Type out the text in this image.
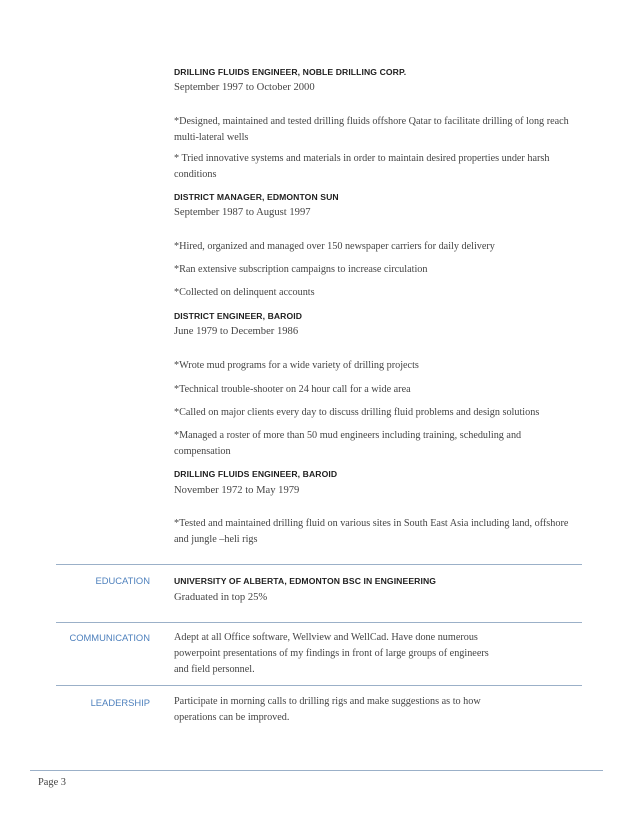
DRILLING FLUIDS ENGINEER, NOBLE DRILLING CORP.
September 1997 to October 2000
*Designed, maintained and tested drilling fluids offshore Qatar to facilitate drilling of long reach multi-lateral wells
* Tried innovative systems and materials in order to maintain desired properties under harsh conditions
DISTRICT MANAGER, EDMONTON SUN
September 1987 to August 1997
*Hired, organized and managed over 150 newspaper carriers for daily delivery
*Ran extensive subscription campaigns to increase circulation
*Collected on delinquent accounts
DISTRICT ENGINEER, BAROID
June 1979 to December 1986
*Wrote mud programs for a wide variety of drilling projects
*Technical trouble-shooter on 24 hour call for a wide area
*Called on major clients every day to discuss drilling fluid problems and design solutions
*Managed a roster of more than 50 mud engineers including training, scheduling and compensation
DRILLING FLUIDS ENGINEER, BAROID
November 1972 to May 1979
*Tested and maintained drilling fluid on various sites in South East Asia including land, offshore and jungle –heli rigs
EDUCATION	UNIVERSITY OF ALBERTA, EDMONTON BSC IN ENGINEERING
Graduated in top 25%
COMMUNICATION Adept at all Office software, Wellview and WellCad. Have done numerous powerpoint presentations of my findings in front of large groups of engineers and field personnel.
LEADERSHIP Participate in morning calls to drilling rigs and make suggestions as to how operations can be improved.
Page 3
